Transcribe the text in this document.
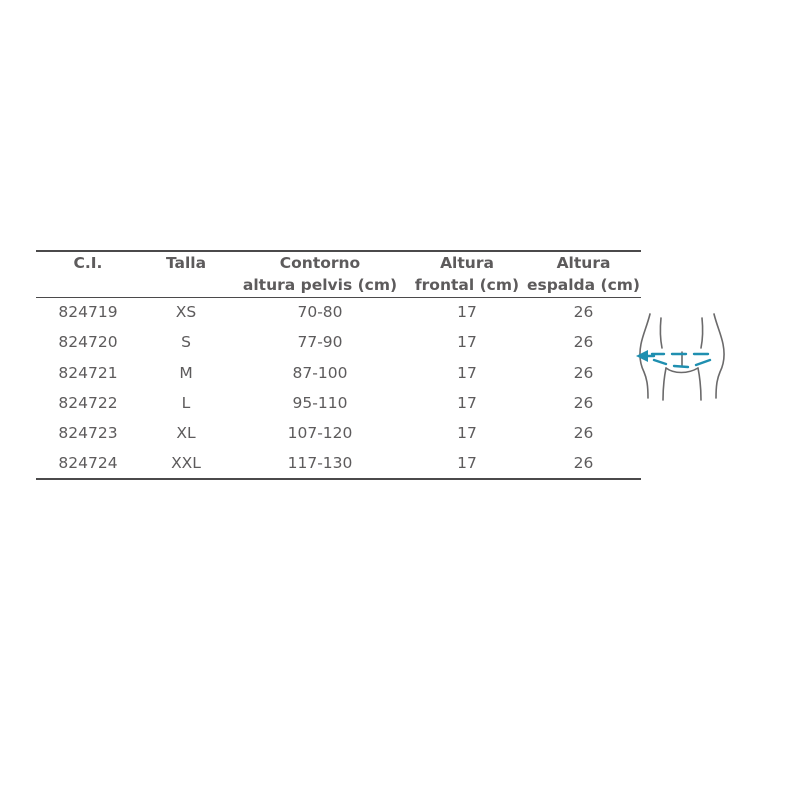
C.I.	Talla	Contorno	Altura	Altura
		altura pelvis (cm)	frontal (cm)	espalda (cm)
824719	XS	70-80	17	26
824720	S	77-90	17	26
824721	M	87-100	17	26
824722	L	95-110	17	26
824723	XL	107-120	17	26
824724	XXL	117-130	17	26
